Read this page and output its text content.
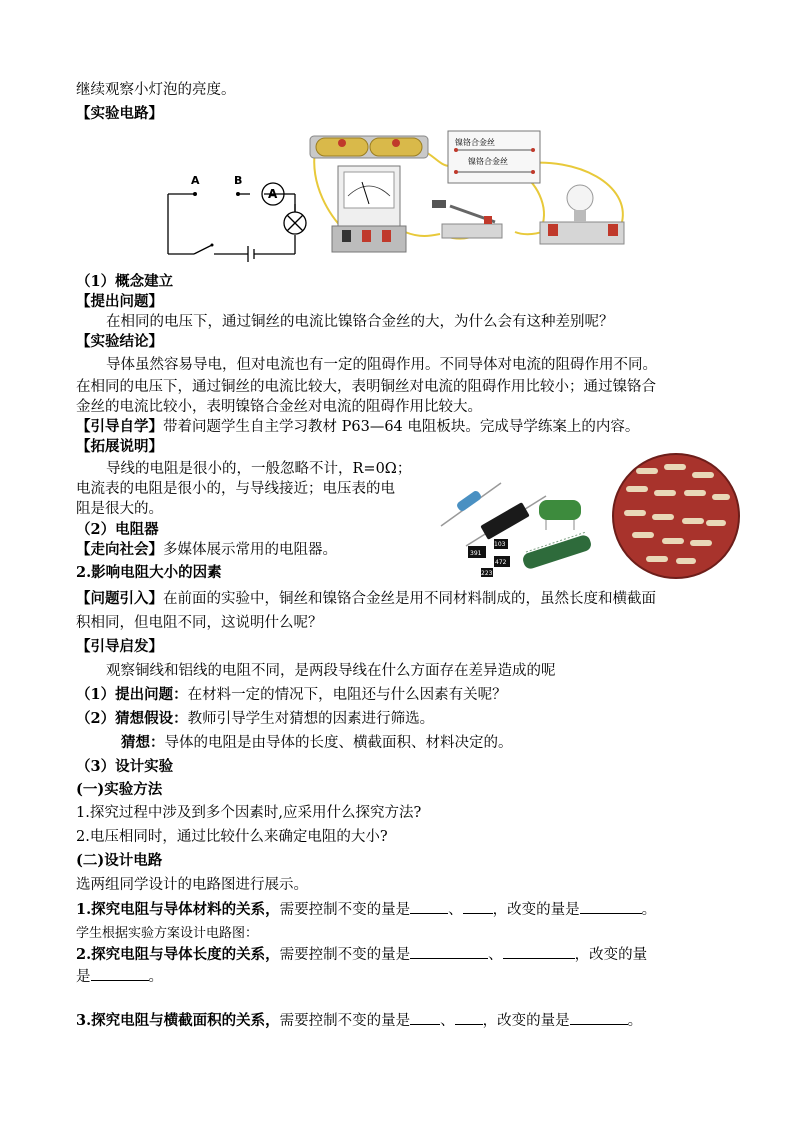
继续观察小灯泡的亮度。
【实验电路】
A	B
A
镍铬合金丝
镍铬合金丝
（1）概念建立
【提出问题】
在相同的电压下，通过铜丝的电流比镍铬合金丝的大，为什么会有这种差别呢？
【实验结论】
导体虽然容易导电，但对电流也有一定的阻碍作用。不同导体对电流的阻碍作用不同。
在相同的电压下，通过铜丝的电流比较大，表明铜丝对电流的阻碍作用比较小；通过镍铬合
金丝的电流比较小，表明镍铬合金丝对电流的阻碍作用比较大。
【引导自学】带着问题学生自主学习教材 P63—64 电阻板块。完成导学练案上的内容。
【拓展说明】
导线的电阻是很小的，一般忽略不计，R=0Ω；
电流表的电阻是很小的，与导线接近；电压表的电
阻是很大的。
（2）电阻器
【走向社会】多媒体展示常用的电阻器。	391
472
103
223
2.影响电阻大小的因素
【问题引入】在前面的实验中，铜丝和镍铬合金丝是用不同材料制成的，虽然长度和横截面
积相同，但电阻不同，这说明什么呢？
【引导启发】
观察铜线和铝线的电阻不同，是两段导线在什么方面存在差异造成的呢
（1）提出问题：在材料一定的情况下，电阻还与什么因素有关呢？
（2）猜想假设：教师引导学生对猜想的因素进行筛选。
猜想：导体的电阻是由导体的长度、横截面积、材料决定的。
（3）设计实验
(一)实验方法
1.探究过程中涉及到多个因素时,应采用什么探究方法?
2.电压相同时，通过比较什么来确定电阻的大小?
(二)设计电路
选两组同学设计的电路图进行展示。
1.探究电阻与导体材料的关系，需要控制不变的量是	、 ，改变的量是	。
学生根据实验方案设计电路图：
2.探究电阻与导体长度的关系，需要控制不变的量是	、	，改变的量
是	。
3.探究电阻与横截面积的关系，需要控制不变的量是 、 ，改变的量是	。
